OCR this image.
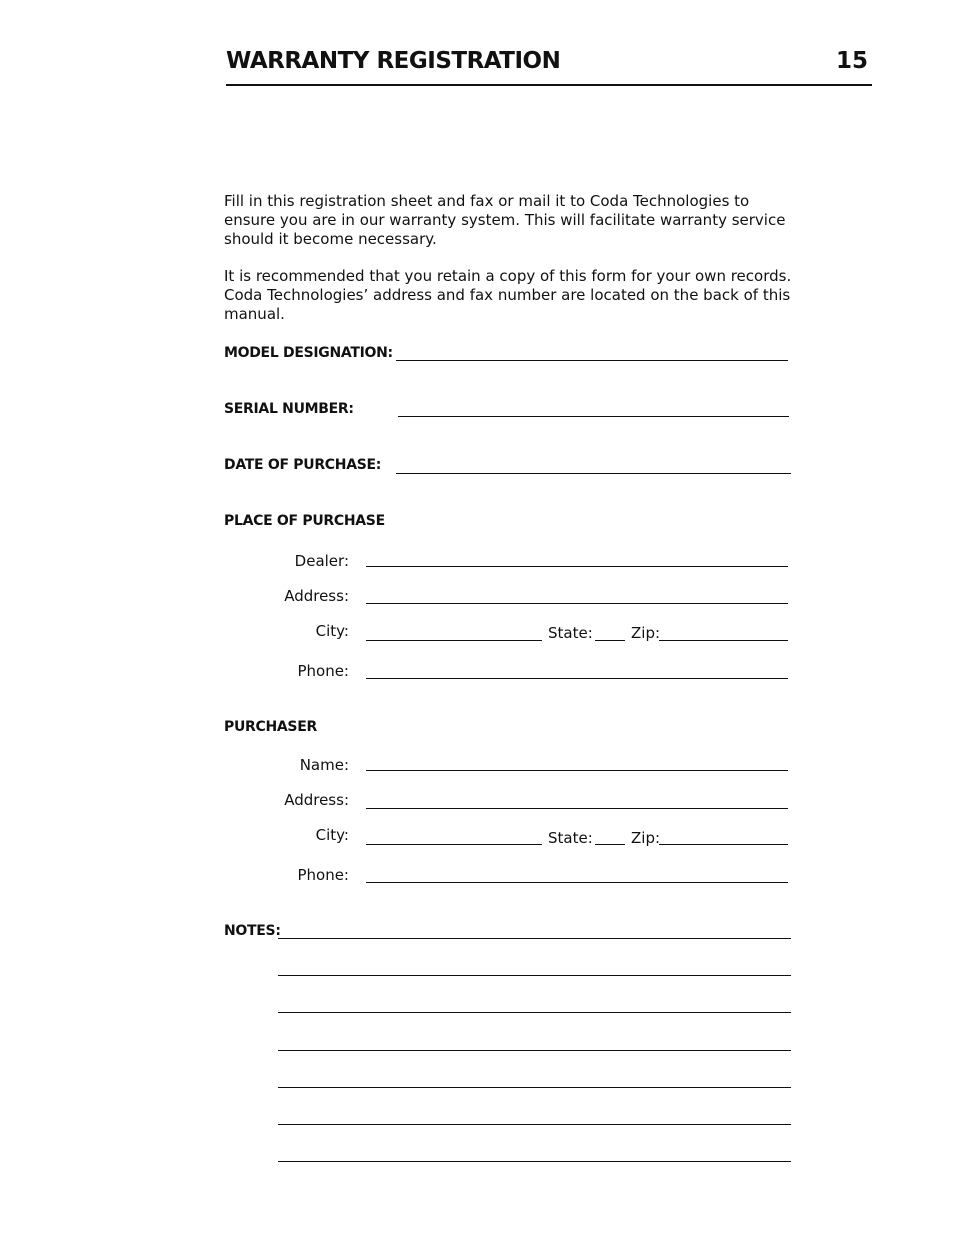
WARRANTY REGISTRATION	15
Fill in this registration sheet and fax or mail it to Coda Technologies to ensure you are in our warranty system. This will facilitate warranty service should it become necessary.
It is recommended that you retain a copy of this form for your own records. Coda Technologies’ address and fax number are located on the back of this manual.
MODEL DESIGNATION:
SERIAL NUMBER:
DATE OF PURCHASE:
PLACE OF PURCHASE
Dealer:
Address:
City:	State:	Zip:
Phone:
PURCHASER
Name:
Address:
City:	State:	Zip:
Phone:
NOTES:
